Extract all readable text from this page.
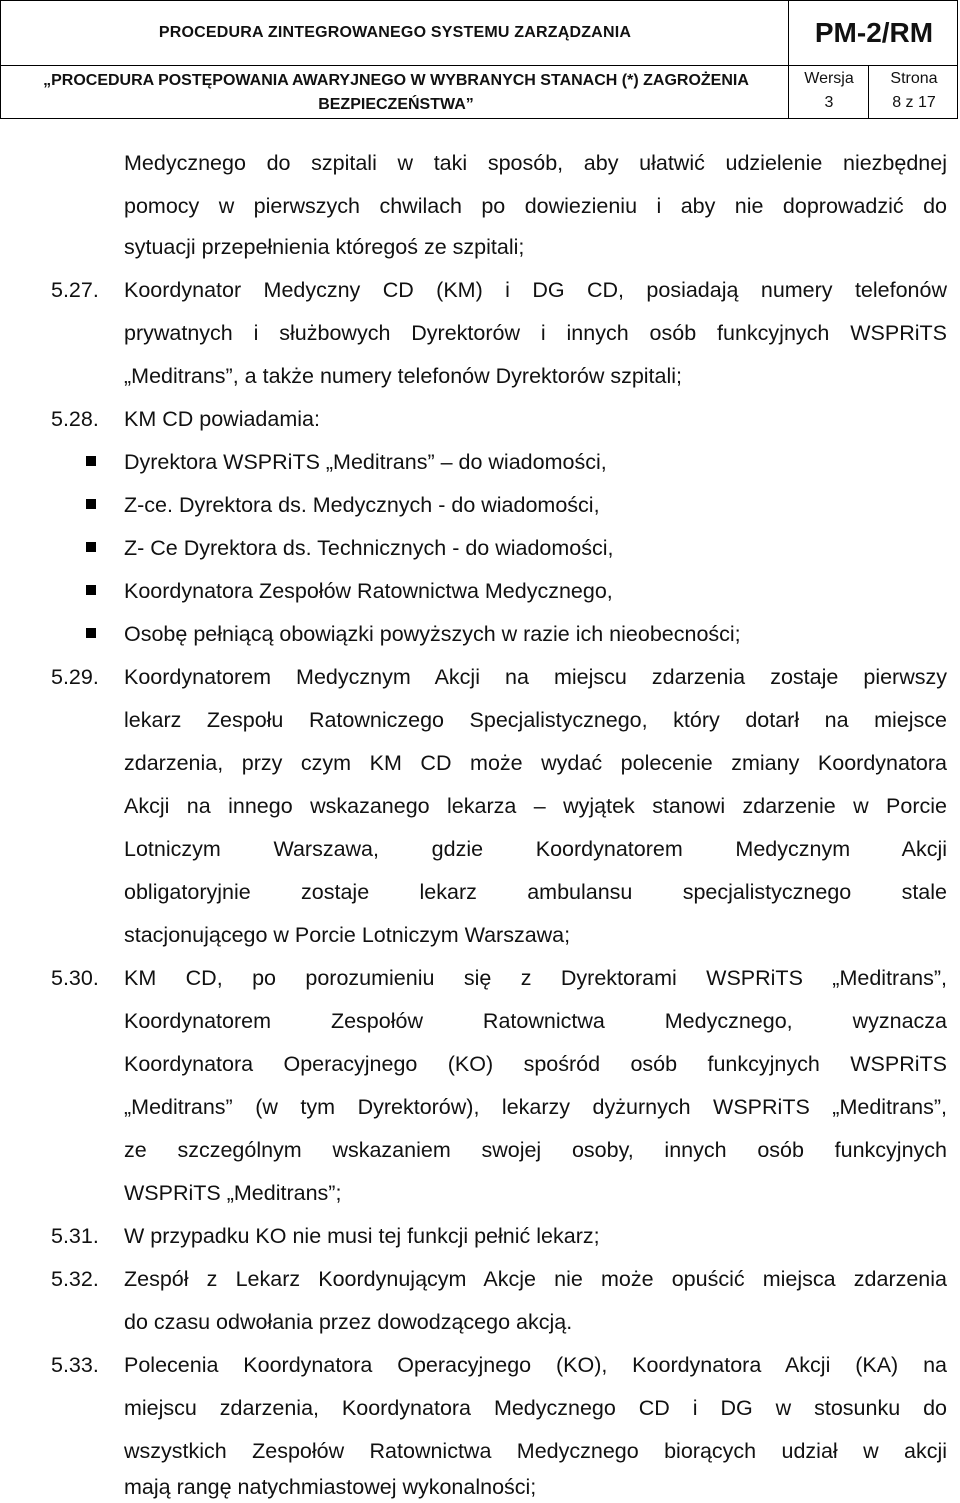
PROCEDURA ZINTEGROWANEGO SYSTEMU ZARZĄDZANIA	PM-2/RM
„PROCEDURA POSTĘPOWANIA AWARYJNEGO W WYBRANYCH STANACH (*) ZAGROŻENIA
BEZPIECZEŃSTWA”
Wersja
3
Strona
8 z 17
Medycznego do szpitali w taki sposób, aby ułatwić udzielenie niezbędnej
pomocy w pierwszych chwilach po dowiezieniu i aby nie doprowadzić do
sytuacji przepełnienia któregoś ze szpitali;
5.27. Koordynator Medyczny CD (KM) i DG CD, posiadają numery telefonów
prywatnych i służbowych Dyrektorów i innych osób funkcyjnych WSPRiTS
„Meditrans”, a także numery telefonów Dyrektorów szpitali;
5.28. KM CD powiadamia:
Dyrektora WSPRiTS „Meditrans” – do wiadomości,
Z-ce. Dyrektora ds. Medycznych - do wiadomości,
Z- Ce Dyrektora ds. Technicznych - do wiadomości,
Koordynatora Zespołów Ratownictwa Medycznego,
Osobę pełniącą obowiązki powyższych w razie ich nieobecności;
5.29. Koordynatorem Medycznym Akcji na miejscu zdarzenia zostaje pierwszy
lekarz Zespołu Ratowniczego Specjalistycznego, który dotarł na miejsce
zdarzenia, przy czym KM CD może wydać polecenie zmiany Koordynatora
Akcji na innego wskazanego lekarza – wyjątek stanowi zdarzenie w Porcie
Lotniczym Warszawa, gdzie Koordynatorem Medycznym Akcji
obligatoryjnie zostaje lekarz ambulansu specjalistycznego stale
stacjonującego w Porcie Lotniczym Warszawa;
5.30. KM CD, po porozumieniu się z Dyrektorami WSPRiTS „Meditrans”,
Koordynatorem Zespołów Ratownictwa Medycznego, wyznacza
Koordynatora Operacyjnego (KO) spośród osób funkcyjnych WSPRiTS
„Meditrans” (w tym Dyrektorów), lekarzy dyżurnych WSPRiTS „Meditrans”,
ze szczególnym wskazaniem swojej osoby, innych osób funkcyjnych
WSPRiTS „Meditrans”;
5.31. W przypadku KO nie musi tej funkcji pełnić lekarz;
5.32. Zespół z Lekarz Koordynującym Akcje nie może opuścić miejsca zdarzenia
do czasu odwołania przez dowodzącego akcją.
5.33. Polecenia Koordynatora Operacyjnego (KO), Koordynatora Akcji (KA) na
miejscu zdarzenia, Koordynatora Medycznego CD i DG w stosunku do
wszystkich Zespołów Ratownictwa Medycznego biorących udział w akcji
mają rangę natychmiastowej wykonalności;
